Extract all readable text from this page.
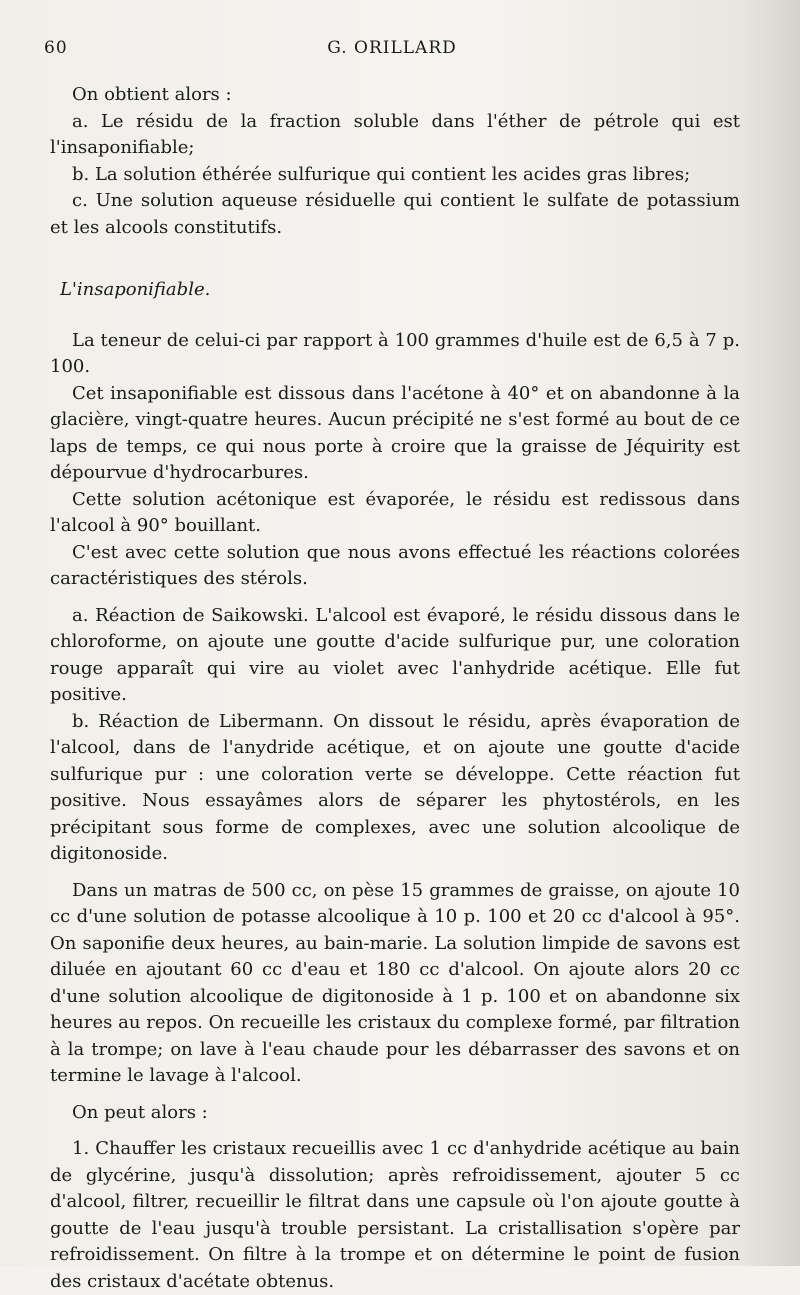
60	G. ORILLARD

On obtient alors :

a. Le résidu de la fraction soluble dans l'éther de pétrole qui est l'insaponifiable;

b. La solution éthérée sulfurique qui contient les acides gras libres;

c. Une solution aqueuse résiduelle qui contient le sulfate de potassium et les alcools constitutifs.

L'insaponifiable.

La teneur de celui-ci par rapport à 100 grammes d'huile est de 6,5 à 7 p. 100.

Cet insaponifiable est dissous dans l'acétone à 40° et on abandonne à la glacière, vingt-quatre heures. Aucun précipité ne s'est formé au bout de ce laps de temps, ce qui nous porte à croire que la graisse de Jéquirity est dépourvue d'hydrocarbures.

Cette solution acétonique est évaporée, le résidu est redissous dans l'alcool à 90° bouillant.

C'est avec cette solution que nous avons effectué les réactions colorées caractéristiques des stérols.

a. Réaction de Saikowski. L'alcool est évaporé, le résidu dissous dans le chloroforme, on ajoute une goutte d'acide sulfurique pur, une coloration rouge apparaît qui vire au violet avec l'anhydride acétique. Elle fut positive.

b. Réaction de Libermann. On dissout le résidu, après évaporation de l'alcool, dans de l'anydride acétique, et on ajoute une goutte d'acide sulfurique pur : une coloration verte se développe. Cette réaction fut positive. Nous essayâmes alors de séparer les phytostérols, en les précipitant sous forme de complexes, avec une solution alcoolique de digitonoside.

Dans un matras de 500 cc, on pèse 15 grammes de graisse, on ajoute 10 cc d'une solution de potasse alcoolique à 10 p. 100 et 20 cc d'alcool à 95°. On saponifie deux heures, au bain-marie. La solution limpide de savons est diluée en ajoutant 60 cc d'eau et 180 cc d'alcool. On ajoute alors 20 cc d'une solution alcoolique de digitonoside à 1 p. 100 et on abandonne six heures au repos. On recueille les cristaux du complexe formé, par filtration à la trompe; on lave à l'eau chaude pour les débarrasser des savons et on termine le lavage à l'alcool.

On peut alors :

1. Chauffer les cristaux recueillis avec 1 cc d'anhydride acétique au bain de glycérine, jusqu'à dissolution; après refroidissement, ajouter 5 cc d'alcool, filtrer, recueillir le filtrat dans une capsule où l'on ajoute goutte à goutte de l'eau jusqu'à trouble persistant. La cristallisation s'opère par refroidissement. On filtre à la trompe et on détermine le point de fusion des cristaux d'acétate obtenus.
